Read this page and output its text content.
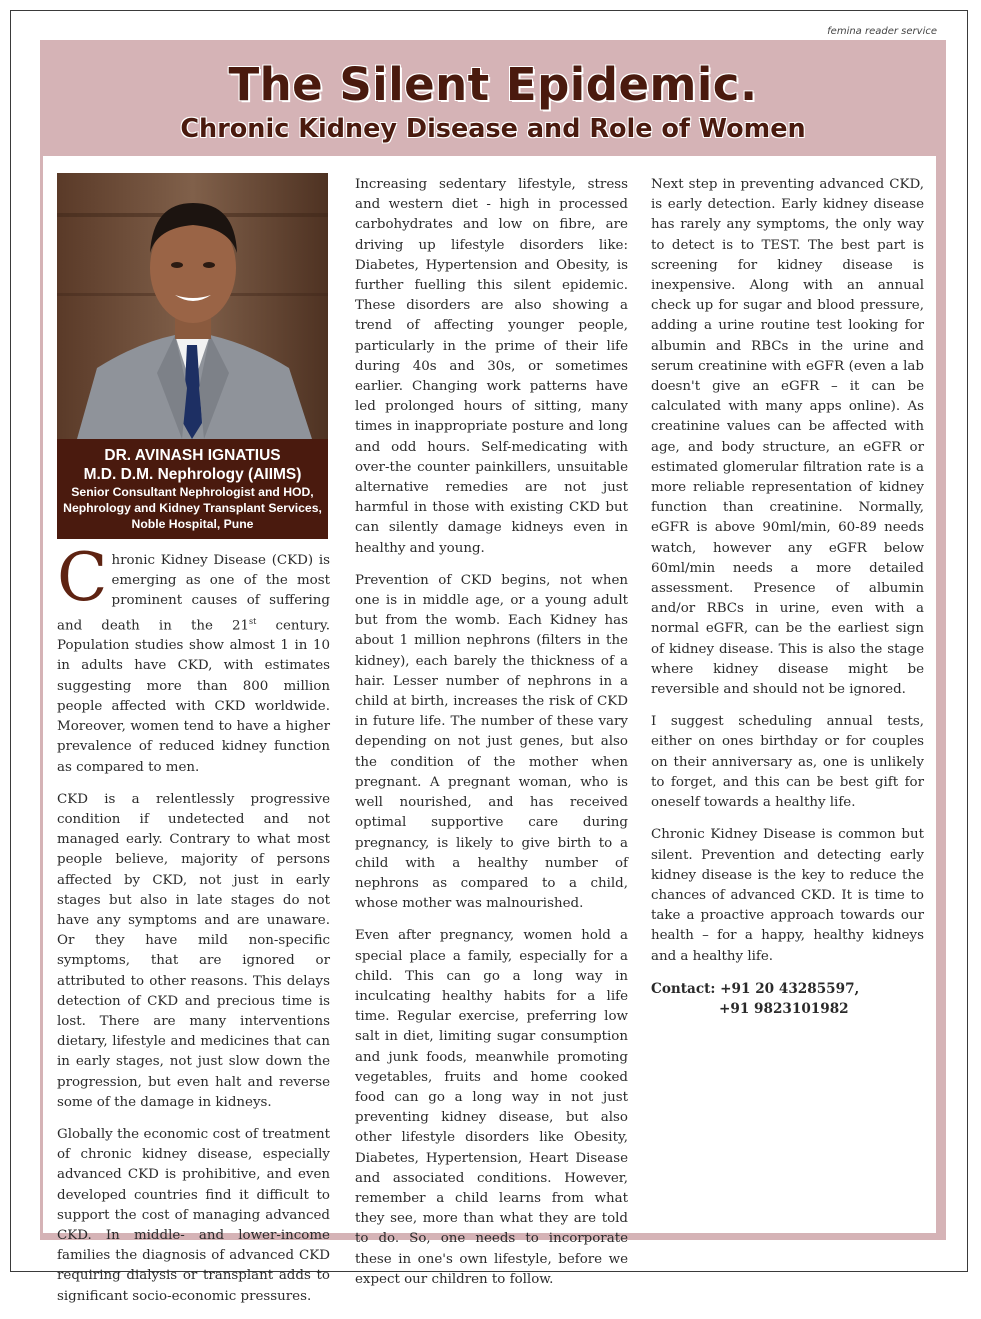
femina reader service
The Silent Epidemic.
Chronic Kidney Disease and Role of Women
DR. AVINASH IGNATIUS
M.D. D.M. Nephrology (AIIMS)
Senior Consultant Nephrologist and HOD,
Nephrology and Kidney Transplant Services,
Noble Hospital, Pune

Chronic Kidney Disease (CKD) is emerging as one of the most prominent causes of suffering and death in the 21st century. Population studies show almost 1 in 10 in adults have CKD, with estimates suggesting more than 800 million people affected with CKD worldwide. Moreover, women tend to have a higher prevalence of reduced kidney function as compared to men.

CKD is a relentlessly progressive condition if undetected and not managed early. Contrary to what most people believe, majority of persons affected by CKD, not just in early stages but also in late stages do not have any symptoms and are unaware. Or they have mild non-specific symptoms, that are ignored or attributed to other reasons. This delays detection of CKD and precious time is lost. There are many interventions dietary, lifestyle and medicines that can in early stages, not just slow down the progression, but even halt and reverse some of the damage in kidneys.

Globally the economic cost of treatment of chronic kidney disease, especially advanced CKD is prohibitive, and even developed countries find it difficult to support the cost of managing advanced CKD. In middle- and lower-income families the diagnosis of advanced CKD requiring dialysis or transplant adds to significant socio-economic pressures.

Increasing sedentary lifestyle, stress and western diet - high in processed carbohydrates and low on fibre, are driving up lifestyle disorders like: Diabetes, Hypertension and Obesity, is further fuelling this silent epidemic. These disorders are also showing a trend of affecting younger people, particularly in the prime of their life during 40s and 30s, or sometimes earlier. Changing work patterns have led prolonged hours of sitting, many times in inappropriate posture and long and odd hours. Self-medicating with over-the counter painkillers, unsuitable alternative remedies are not just harmful in those with existing CKD but can silently damage kidneys even in healthy and young.

Prevention of CKD begins, not when one is in middle age, or a young adult but from the womb. Each Kidney has about 1 million nephrons (filters in the kidney), each barely the thickness of a hair. Lesser number of nephrons in a child at birth, increases the risk of CKD in future life. The number of these vary depending on not just genes, but also the condition of the mother when pregnant. A pregnant woman, who is well nourished, and has received optimal supportive care during pregnancy, is likely to give birth to a child with a healthy number of nephrons as compared to a child, whose mother was malnourished.

Even after pregnancy, women hold a special place a family, especially for a child. This can go a long way in inculcating healthy habits for a life time. Regular exercise, preferring low salt in diet, limiting sugar consumption and junk foods, meanwhile promoting vegetables, fruits and home cooked food can go a long way in not just preventing kidney disease, but also other lifestyle disorders like Obesity, Diabetes, Hypertension, Heart Disease and associated conditions. However, remember a child learns from what they see, more than what they are told to do. So, one needs to incorporate these in one's own lifestyle, before we expect our children to follow.

Next step in preventing advanced CKD, is early detection. Early kidney disease has rarely any symptoms, the only way to detect is to TEST. The best part is screening for kidney disease is inexpensive. Along with an annual check up for sugar and blood pressure, adding a urine routine test looking for albumin and RBCs in the urine and serum creatinine with eGFR (even a lab doesn't give an eGFR – it can be calculated with many apps online). As creatinine values can be affected with age, and body structure, an eGFR or estimated glomerular filtration rate is a more reliable representation of kidney function than creatinine. Normally, eGFR is above 90ml/min, 60-89 needs watch, however any eGFR below 60ml/min needs a more detailed assessment. Presence of albumin and/or RBCs in urine, even with a normal eGFR, can be the earliest sign of kidney disease. This is also the stage where kidney disease might be reversible and should not be ignored.

I suggest scheduling annual tests, either on ones birthday or for couples on their anniversary as, one is unlikely to forget, and this can be best gift for oneself towards a healthy life.

Chronic Kidney Disease is common but silent. Prevention and detecting early kidney disease is the key to reduce the chances of advanced CKD. It is time to take a proactive approach towards our health – for a happy, healthy kidneys and a healthy life.

Contact: +91 20 43285597,
+91 9823101982
